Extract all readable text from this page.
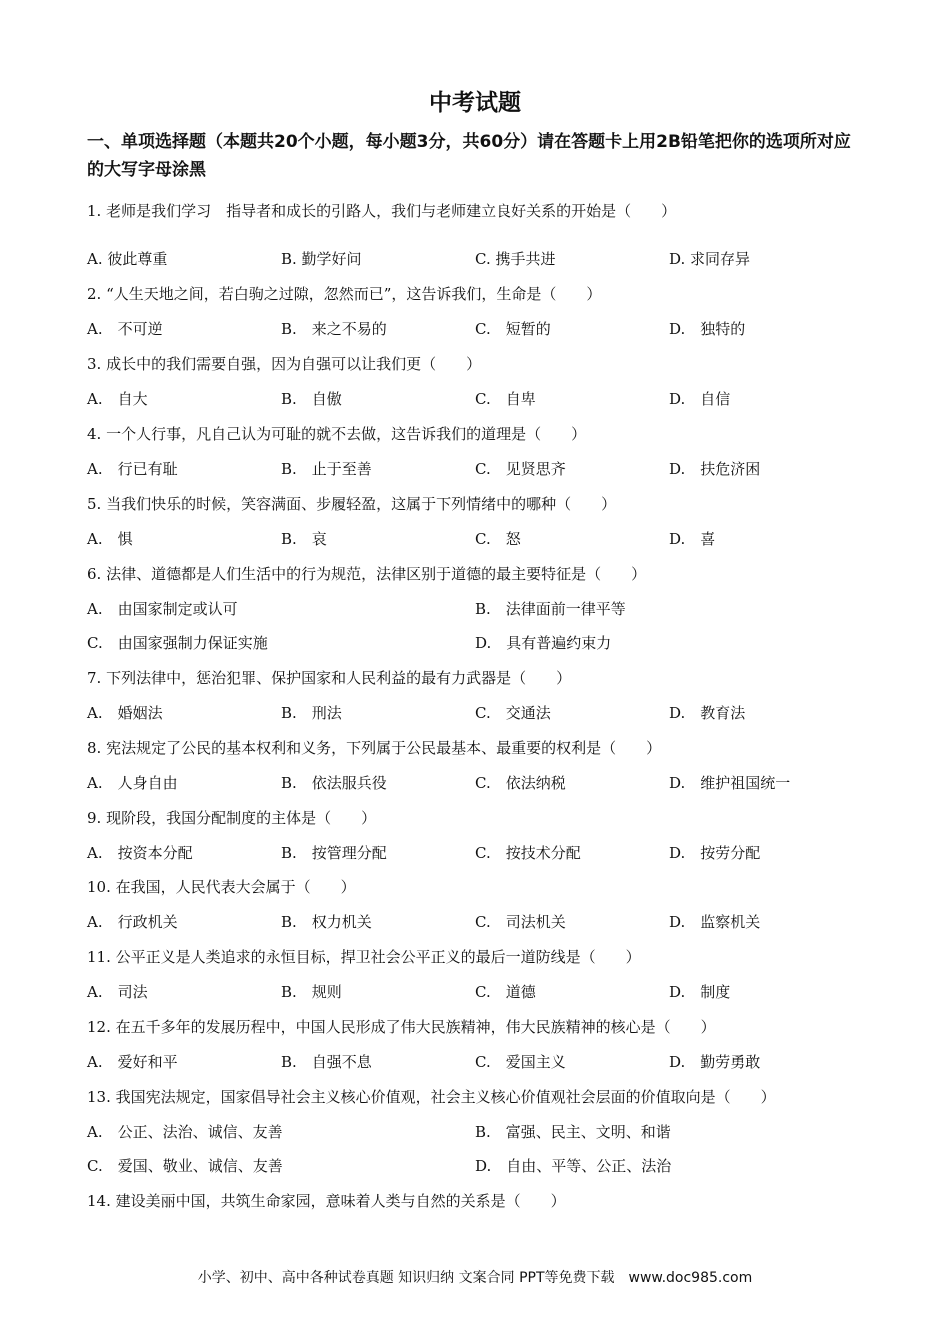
中考试题
一、单项选择题（本题共20个小题，每小题3分，共60分）请在答题卡上用2B铅笔把你的选项所对应的大写字母涂黑
1. 老师是我们学习　指导者和成长的引路人，我们与老师建立良好关系的开始是（　　）
A. 彼此尊重	B. 勤学好问	C. 携手共进	D. 求同存异
2. “人生天地之间，若白驹之过隙，忽然而已”，这告诉我们，生命是（　　）
A.　不可逆	B.　来之不易的	C.　短暂的	D.　独特的
3. 成长中的我们需要自强，因为自强可以让我们更（　　）
A.　自大	B.　自傲	C.　自卑	D.　自信
4. 一个人行事，凡自己认为可耻的就不去做，这告诉我们的道理是（　　）
A.　行已有耻	B.　止于至善	C.　见贤思齐	D.　扶危济困
5. 当我们快乐的时候，笑容满面、步履轻盈，这属于下列情绪中的哪种（　　）
A.　惧	B.　哀	C.　怒	D.　喜
6. 法律、道德都是人们生活中的行为规范，法律区别于道德的最主要特征是（　　）
A.　由国家制定或认可	B.　法律面前一律平等
C.　由国家强制力保证实施	D.　具有普遍约束力
7. 下列法律中，惩治犯罪、保护国家和人民利益的最有力武器是（　　）
A.　婚姻法	B.　刑法	C.　交通法	D.　教育法
8. 宪法规定了公民的基本权利和义务，下列属于公民最基本、最重要的权利是（　　）
A.　人身自由	B.　依法服兵役	C.　依法纳税	D.　维护祖国统一
9. 现阶段，我国分配制度的主体是（　　）
A.　按资本分配	B.　按管理分配	C.　按技术分配	D.　按劳分配
10. 在我国，人民代表大会属于（　　）
A.　行政机关	B.　权力机关	C.　司法机关	D.　监察机关
11. 公平正义是人类追求的永恒目标，捍卫社会公平正义的最后一道防线是（　　）
A.　司法	B.　规则	C.　道德	D.　制度
12. 在五千多年的发展历程中，中国人民形成了伟大民族精神，伟大民族精神的核心是（　　）
A.　爱好和平	B.　自强不息	C.　爱国主义	D.　勤劳勇敢
13. 我国宪法规定，国家倡导社会主义核心价值观，社会主义核心价值观社会层面的价值取向是（　　）
A.　公正、法治、诚信、友善	B.　富强、民主、文明、和谐
C.　爱国、敬业、诚信、友善	D.　自由、平等、公正、法治
14. 建设美丽中国，共筑生命家园，意味着人类与自然的关系是（　　）
小学、初中、高中各种试卷真题 知识归纳 文案合同 PPT等免费下载　www.doc985.com
